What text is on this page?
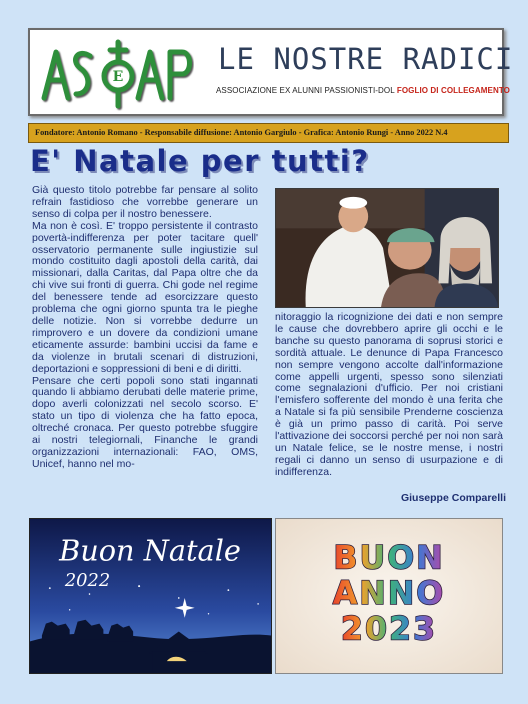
E
LE NOSTRE RADICI
ASSOCIAZIONE EX ALUNNI PASSIONISTI-DOL FOGLIO DI COLLEGAMENTO
Fondatore: Antonio Romano - Responsabile diffusione: Antonio Gargiulo - Grafica: Antonio Rungi - Anno 2022 N.4
E' Natale per tutti?

Già questo titolo potrebbe far pensare al solito refrain fastidioso che vorrebbe generare un senso di colpa per il nostro benessere.

Ma non è così. E' troppo persistente il contrasto povertà-indifferenza per poter tacitare quell' osservatorio permanente sulle ingiustizie sul mondo costituito dagli apostoli della carità, dai missionari, dalla Caritas, dal Papa oltre che da chi vive sui fronti di guerra. Chi gode nel regime del benessere tende ad esorcizzare questo problema che ogni giorno spunta tra le pieghe delle notizie. Non si vorrebbe dedurre un rimprovero e un dovere da condizioni umane eticamente assurde: bambini uccisi da fame e da violenze in brutali scenari di distruzioni, deportazioni e soppressioni di beni e di diritti.

Pensare che certi popoli sono stati ingannati quando li abbiamo derubati delle materie prime, dopo averli colonizzati nel secolo scorso. E' stato un tipo di violenza che ha fatto epoca, oltreché cronaca. Per questo potrebbe sfuggire ai nostri telegiornali, Finanche le grandi organizzazioni internazionali: FAO, OMS, Unicef, hanno nel mo-

nitoraggio la ricognizione dei dati e non sempre le cause che dovrebbero aprire gli occhi e le banche su questo panorama di soprusi storici e sordità attuale. Le denunce di Papa Francesco non sempre vengono accolte dall'informazione come appelli urgenti, spesso sono silenziati come segnalazioni d'ufficio. Per noi cristiani l'emisfero sofferente del mondo è una ferita che a Natale si fa più sensibile Prenderne coscienza è già un primo passo di carità. Poi serve l'attivazione dei soccorsi perché per noi non sarà un Natale felice, se le nostre mense, i nostri regali ci danno un senso di usurpazione e di indifferenza.

Giuseppe Comparelli
Buon Natale
2022
BUON
ANNO
2023
